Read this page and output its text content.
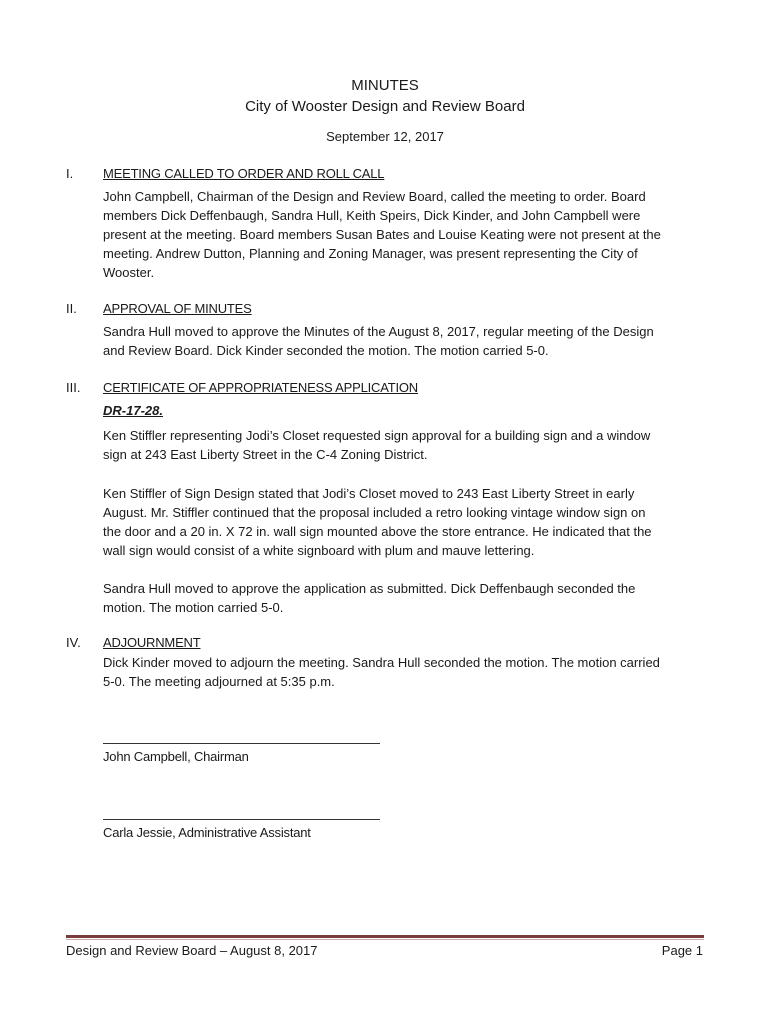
MINUTES
City of Wooster Design and Review Board
September 12, 2017
I. MEETING CALLED TO ORDER AND ROLL CALL

John Campbell, Chairman of the Design and Review Board, called the meeting to order. Board
members Dick Deffenbaugh, Sandra Hull, Keith Speirs, Dick Kinder, and John Campbell were
present at the meeting. Board members Susan Bates and Louise Keating were not present at the
meeting. Andrew Dutton, Planning and Zoning Manager, was present representing the City of
Wooster.

II. APPROVAL OF MINUTES

Sandra Hull moved to approve the Minutes of the August 8, 2017, regular meeting of the Design
and Review Board. Dick Kinder seconded the motion. The motion carried 5-0.

III. CERTIFICATE OF APPROPRIATENESS APPLICATION
DR-17-28.

Ken Stiffler representing Jodi’s Closet requested sign approval for a building sign and a window
sign at 243 East Liberty Street in the C-4 Zoning District.

Ken Stiffler of Sign Design stated that Jodi’s Closet moved to 243 East Liberty Street in early
August. Mr. Stiffler continued that the proposal included a retro looking vintage window sign on
the door and a 20 in. X 72 in. wall sign mounted above the store entrance. He indicated that the
wall sign would consist of a white signboard with plum and mauve lettering.

Sandra Hull moved to approve the application as submitted. Dick Deffenbaugh seconded the
motion. The motion carried 5-0.

IV. ADJOURNMENT

Dick Kinder moved to adjourn the meeting. Sandra Hull seconded the motion. The motion carried
5-0. The meeting adjourned at 5:35 p.m.

John Campbell, Chairman
Carla Jessie, Administrative Assistant
Design and Review Board – August 8, 2017	Page 1
